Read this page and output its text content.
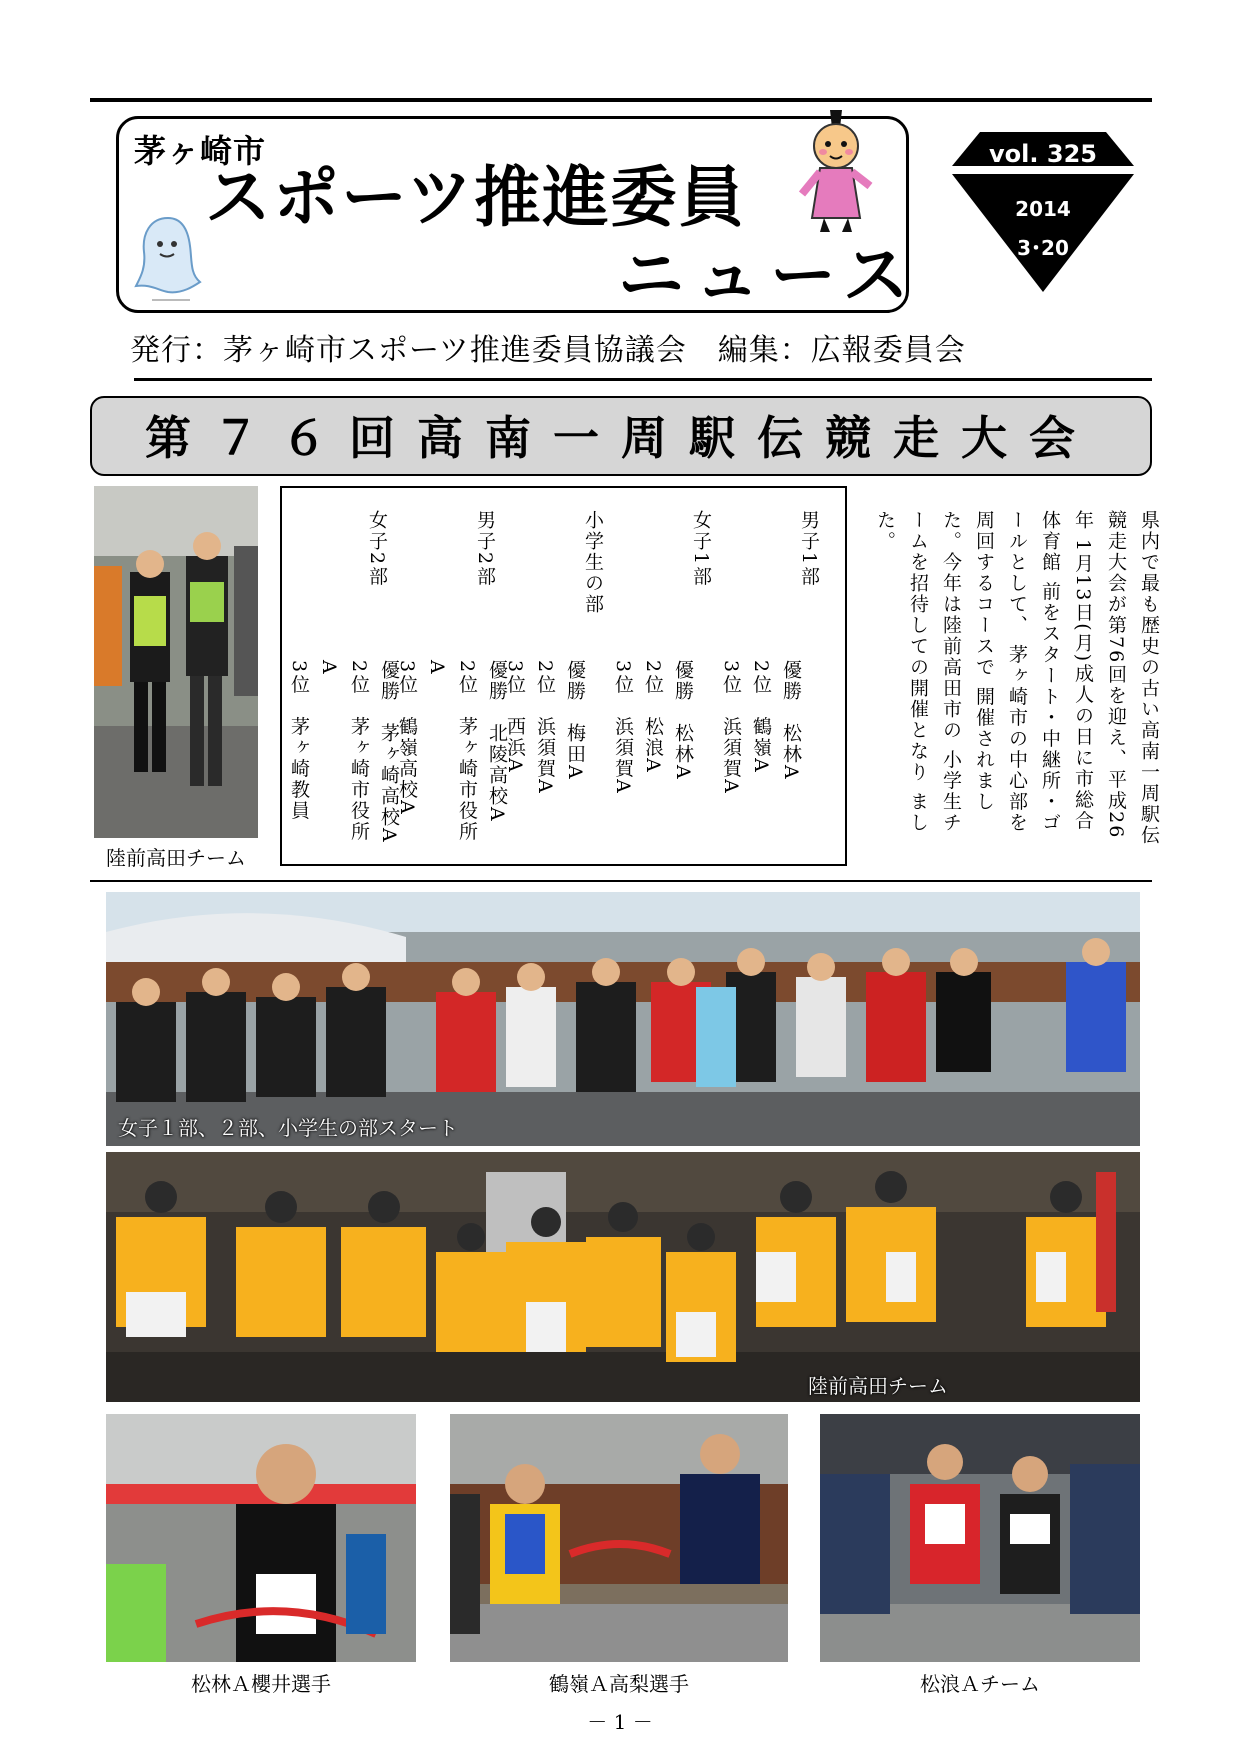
茅ヶ崎市
スポーツ推進委員
ニュース
vol. 325
2014
3･20
発行：茅ヶ崎市スポーツ推進委員協議会　編集：広報委員会
第７６回高南一周駅伝競走大会
陸前高田チーム
男子1部
優勝　松林A
2位　鶴嶺A
3位　浜須賀A
女子1部
優勝　松林A
2位　松浪A
3位　浜須賀A
小学生の部
優勝　梅田A
2位　浜須賀A
3位　西浜A
男子2部
優勝　北陵高校A
2位　茅ヶ崎市役所A
3位　鶴嶺高校A
女子2部
優勝　茅ヶ崎高校A
2位　茅ヶ崎市役所A
3位　茅ヶ崎教員	県内で最も歴史の古い高南一周駅伝 競走大会が第76回を迎え、平成26年 1月13日(月)成人の日に市総合体育館 前をスタート・中継所・ゴールとして、 茅ヶ崎市の中心部を周回するコースで 開催されました。今年は陸前高田市の 小学生チームを招待しての開催となり ました。
女子１部、２部、小学生の部スタート
陸前高田チーム
松林Ａ櫻井選手	鶴嶺Ａ高梨選手	松浪Ａチーム
－ 1 －
